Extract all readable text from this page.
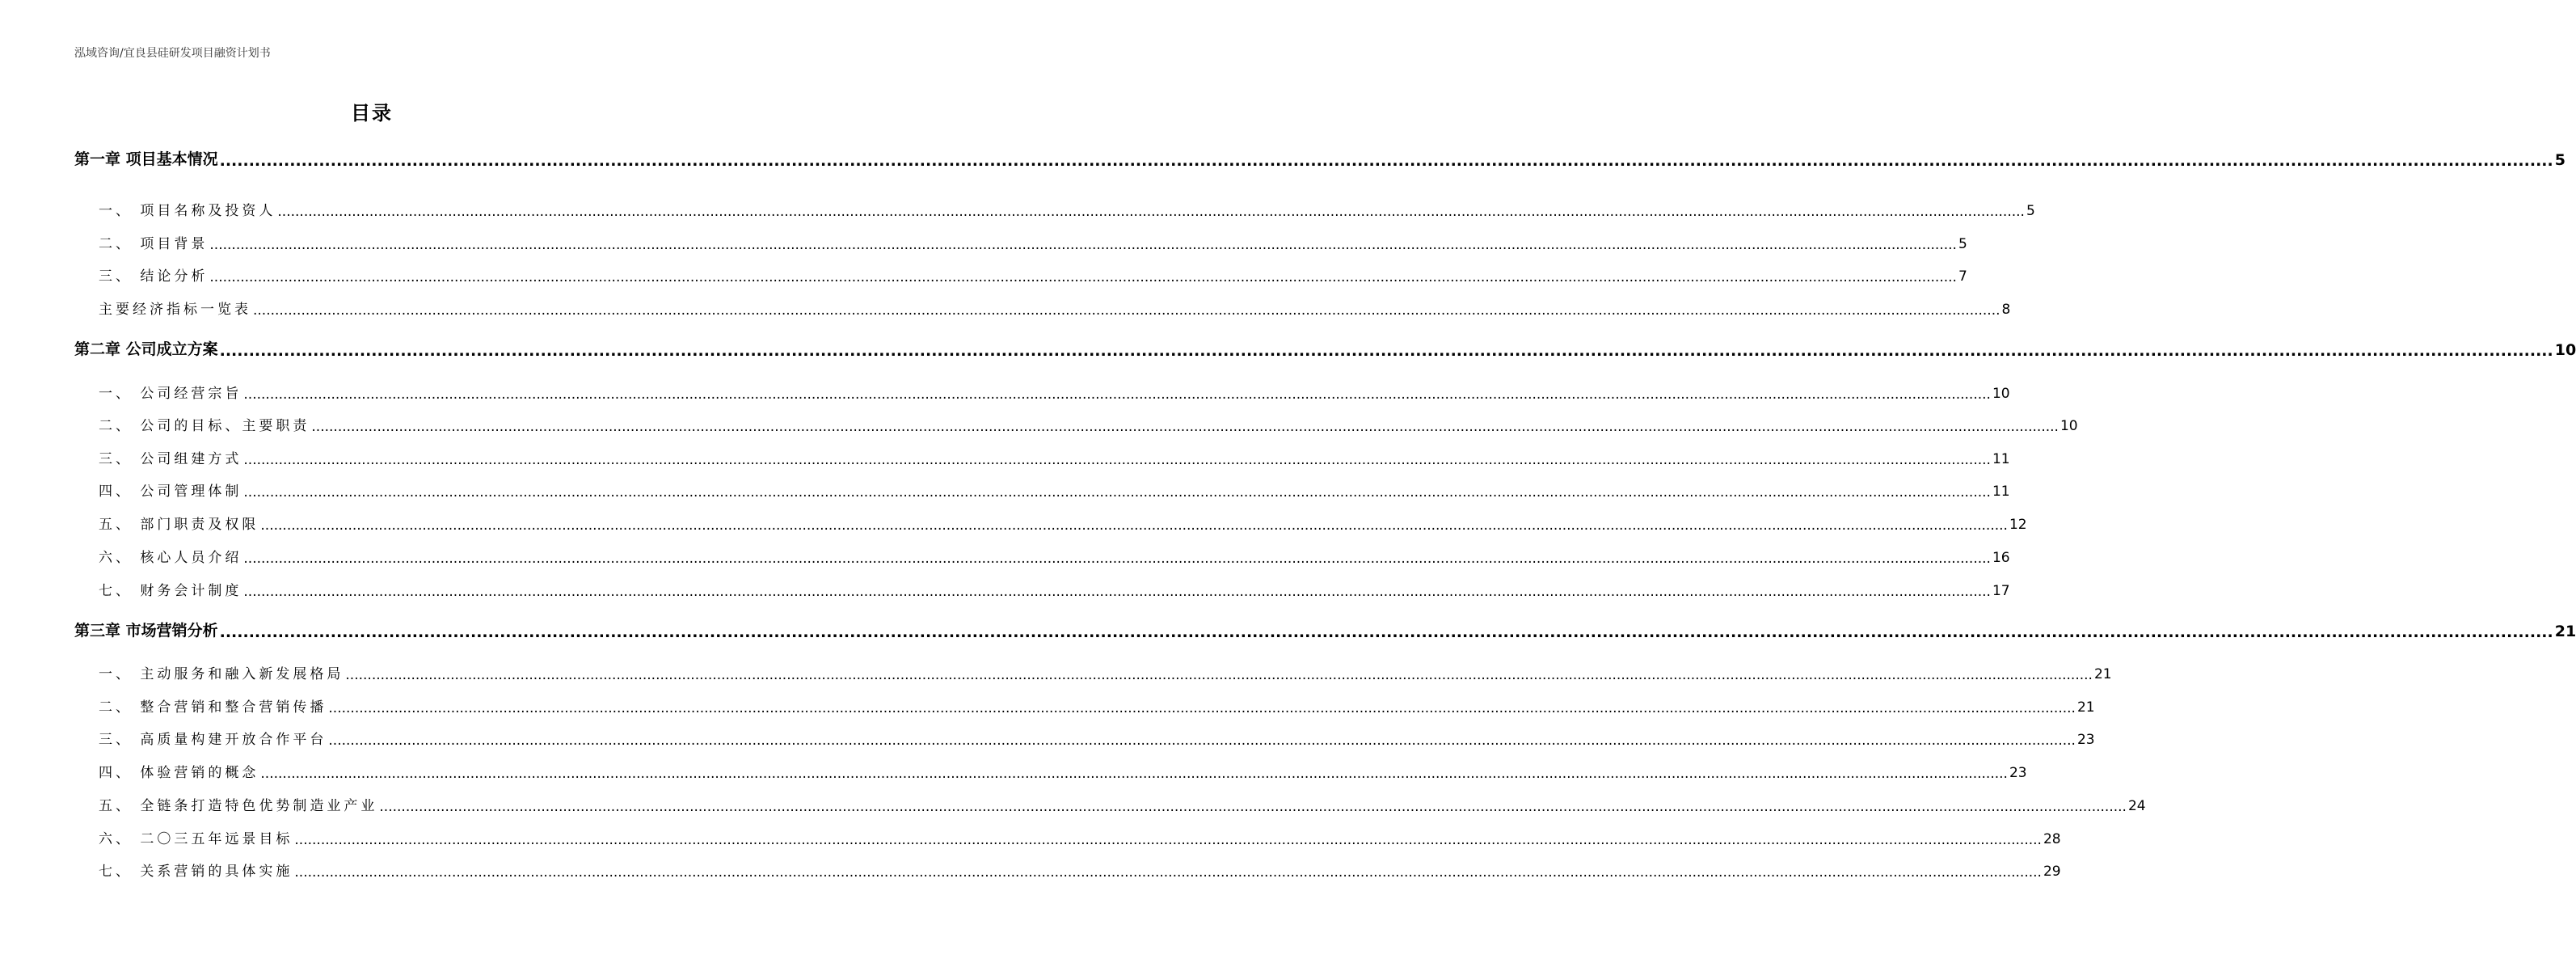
泓域咨询/宜良县硅研发项目融资计划书
目录
第一章 项目基本情况 ................................................................................................................................................................................................................................................................................................................................................................................................................ 5
一、 项目名称及投资人 ................................................................................................................................................................................................................................................................................................................................................................................................................ 5
二、 项目背景 ................................................................................................................................................................................................................................................................................................................................................................................................................ 5
三、 结论分析 ................................................................................................................................................................................................................................................................................................................................................................................................................ 7
主要经济指标一览表 ................................................................................................................................................................................................................................................................................................................................................................................................................ 8
第二章 公司成立方案 ................................................................................................................................................................................................................................................................................................................................................................................................................ 10
一、 公司经营宗旨 ................................................................................................................................................................................................................................................................................................................................................................................................................ 10
二、 公司的目标、主要职责 ................................................................................................................................................................................................................................................................................................................................................................................................................ 10
三、 公司组建方式 ................................................................................................................................................................................................................................................................................................................................................................................................................ 11
四、 公司管理体制 ................................................................................................................................................................................................................................................................................................................................................................................................................ 11
五、 部门职责及权限 ................................................................................................................................................................................................................................................................................................................................................................................................................ 12
六、 核心人员介绍 ................................................................................................................................................................................................................................................................................................................................................................................................................ 16
七、 财务会计制度 ................................................................................................................................................................................................................................................................................................................................................................................................................ 17
第三章 市场营销分析 ................................................................................................................................................................................................................................................................................................................................................................................................................ 21
一、 主动服务和融入新发展格局 ................................................................................................................................................................................................................................................................................................................................................................................................................ 21
二、 整合营销和整合营销传播 ................................................................................................................................................................................................................................................................................................................................................................................................................ 21
三、 高质量构建开放合作平台 ................................................................................................................................................................................................................................................................................................................................................................................................................ 23
四、 体验营销的概念 ................................................................................................................................................................................................................................................................................................................................................................................................................ 23
五、 全链条打造特色优势制造业产业 ................................................................................................................................................................................................................................................................................................................................................................................................................ 24
六、 二〇三五年远景目标 ................................................................................................................................................................................................................................................................................................................................................................................................................ 28
七、 关系营销的具体实施 ................................................................................................................................................................................................................................................................................................................................................................................................................ 29
